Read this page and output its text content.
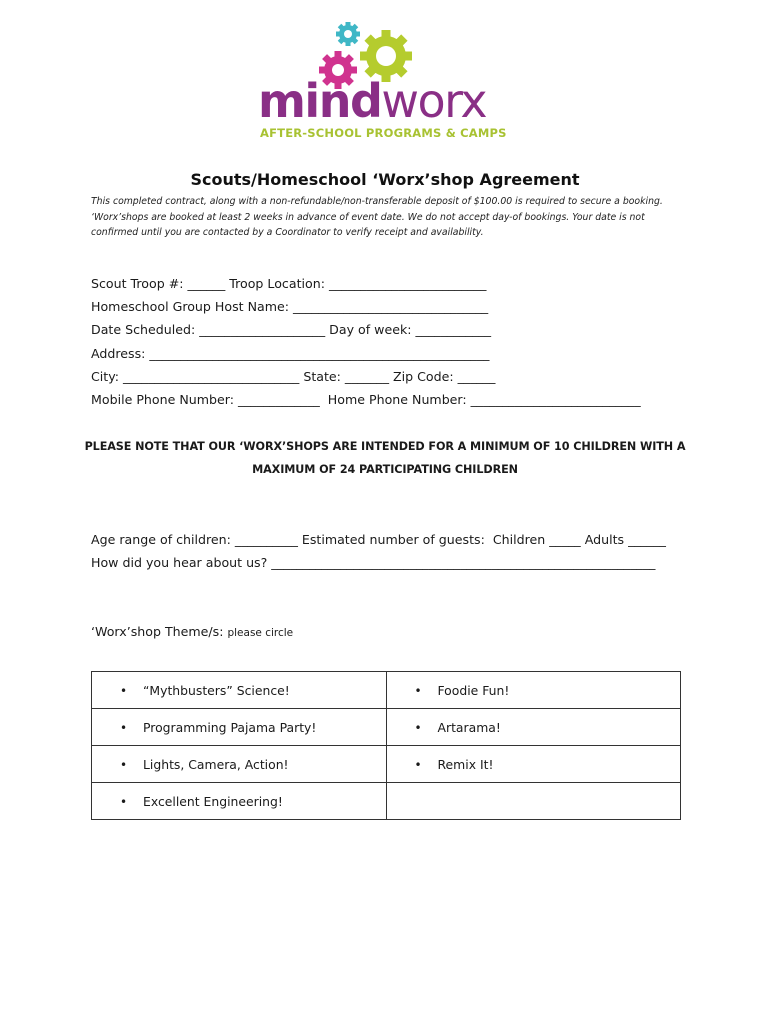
mindworx
AFTER-SCHOOL PROGRAMS & CAMPS
Scouts/Homeschool ‘Worx’shop Agreement
This completed contract, along with a non-refundable/non-transferable deposit of $100.00 is required to secure a booking. ‘Worx’shops are booked at least 2 weeks in advance of event date. We do not accept day-of bookings. Your date is not confirmed until you are contacted by a Coordinator to verify receipt and availability.
Scout Troop #: ______ Troop Location: _________________________
Homeschool Group Host Name: _______________________________
Date Scheduled: ____________________ Day of week: ____________
Address: ______________________________________________________
City: ____________________________ State: _______ Zip Code: ______
Mobile Phone Number: _____________  Home Phone Number: ___________________________
PLEASE NOTE THAT OUR ‘WORX’SHOPS ARE INTENDED FOR A MINIMUM OF 10 CHILDREN WITH A
MAXIMUM OF 24 PARTICIPATING CHILDREN
Age range of children: __________ Estimated number of guests:  Children _____ Adults ______
How did you hear about us? _____________________________________________________________
‘Worx’shop Theme/s: please circle
• “Mythbusters” Science!	• Foodie Fun!
• Programming Pajama Party!	• Artarama!
• Lights, Camera, Action!	• Remix It!
• Excellent Engineering!	
